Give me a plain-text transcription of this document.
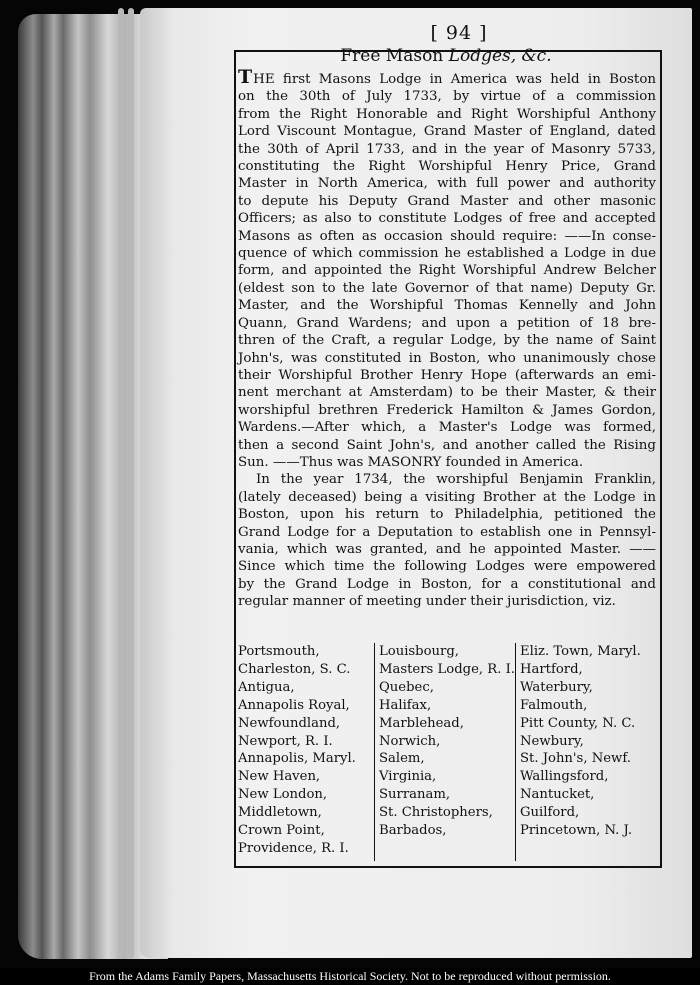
[ 94 ]
Free Mason Lodges, &c.
THE first Masons Lodge in America was held in Boston
on the 30th of July 1733, by virtue of a commission
from the Right Honorable and Right Worshipful Anthony
Lord Viscount Montague, Grand Master of England, dated
the 30th of April 1733, and in the year of Masonry 5733,
constituting the Right Worshipful Henry Price, Grand
Master in North America, with full power and authority
to depute his Deputy Grand Master and other masonic
Officers; as also to constitute Lodges of free and accepted
Masons as often as occasion should require: ——In conse-
quence of which commission he established a Lodge in due
form, and appointed the Right Worshipful Andrew Belcher
(eldest son to the late Governor of that name) Deputy Gr.
Master, and the Worshipful Thomas Kennelly and John
Quann, Grand Wardens; and upon a petition of 18 bre-
thren of the Craft, a regular Lodge, by the name of Saint
John's, was constituted in Boston, who unanimously chose
their Worshipful Brother Henry Hope (afterwards an emi-
nent merchant at Amsterdam) to be their Master, & their
worshipful brethren Frederick Hamilton & James Gordon,
Wardens.—After which, a Master's Lodge was formed,
then a second Saint John's, and another called the Rising
Sun. ——Thus was MASONRY founded in America.
In the year 1734, the worshipful Benjamin Franklin,
(lately deceased) being a visiting Brother at the Lodge in
Boston, upon his return to Philadelphia, petitioned the
Grand Lodge for a Deputation to establish one in Pennsyl-
vania, which was granted, and he appointed Master. ——
Since which time the following Lodges were empowered
by the Grand Lodge in Boston, for a constitutional and
regular manner of meeting under their jurisdiction, viz.
Portsmouth,
Charleston, S. C.
Antigua,
Annapolis Royal,
Newfoundland,
Newport, R. I.
Annapolis, Maryl.
New Haven,
New London,
Middletown,
Crown Point,
Providence, R. I.
Louisbourg,
Masters Lodge, R. I.
Quebec,
Halifax,
Marblehead,
Norwich,
Salem,
Virginia,
Surranam,
St. Christophers,
Barbados,
Eliz. Town, Maryl.
Hartford,
Waterbury,
Falmouth,
Pitt County, N. C.
Newbury,
St. John's, Newf.
Wallingsford,
Nantucket,
Guilford,
Princetown, N. J.
From the Adams Family Papers, Massachusetts Historical Society. Not to be reproduced without permission.
